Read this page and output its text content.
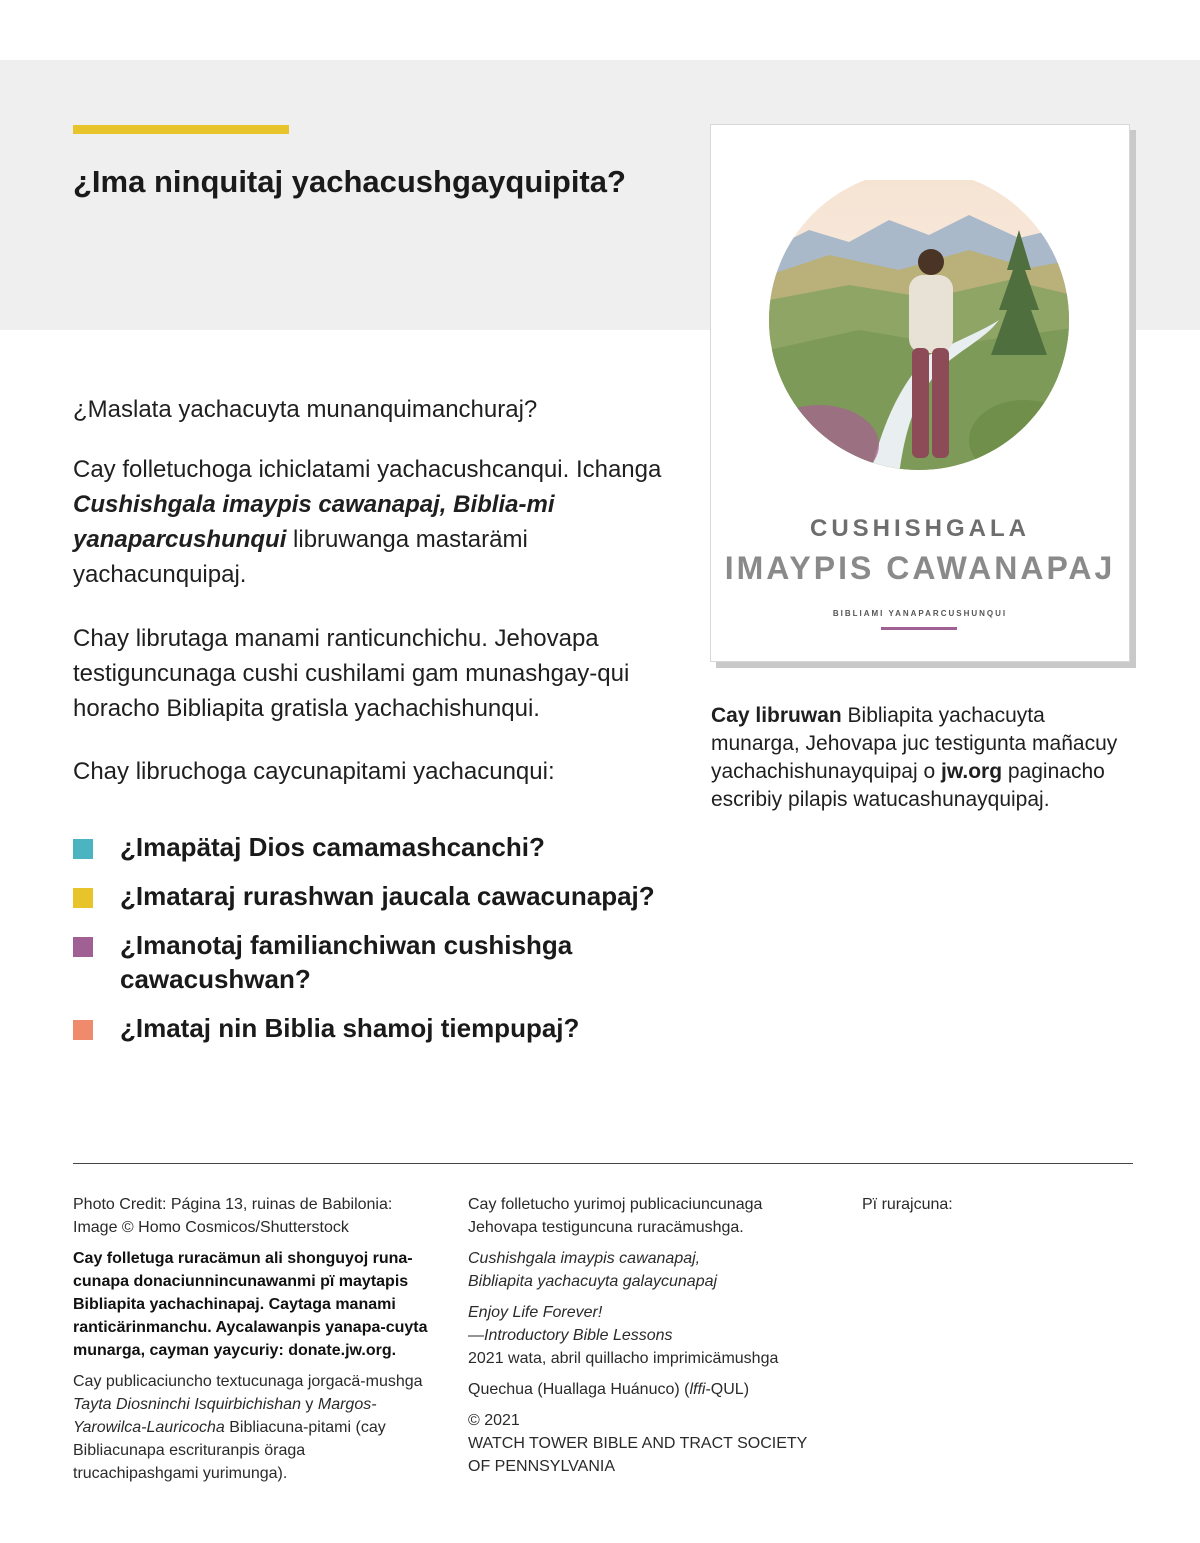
¿Ima ninquitaj yachacushgayquipita?

¿Maslata yachacuyta munanquimanchuraj?

Cay folletuchoga ichiclatami yachacushcanqui. Ichanga Cushishgala imaypis cawanapaj, Biblia-mi yanaparcushunqui libruwanga mastarämi yachacunquipaj.

Chay librutaga manami ranticunchichu. Jehovapa testiguncunaga cushi cushilami gam munashgay-qui horacho Bibliapita gratisla yachachishunqui.

Chay libruchoga caycunapitami yachacunqui:

¿Imapätaj Dios camamashcanchi?
¿Imataraj rurashwan jaucala cawacunapaj?
¿Imanotaj familianchiwan cushishga cawacushwan?
¿Imataj nin Biblia shamoj tiempupaj?

CUSHISHGALA

IMAYPIS CAWANAPAJ

BIBLIAMI YANAPARCUSHUNQUI

Cay libruwan Bibliapita yachacuyta munarga, Jehovapa juc testigunta mañacuy yachachishunayquipaj o jw.org paginacho escribiy pilapis watucashunayquipaj.

Photo Credit: Página 13, ruinas de Babilonia:
Image © Homo Cosmicos/Shutterstock

Cay folletuga ruracämun ali shonguyoj runa-cunapa donaciunnincunawanmi pï maytapis Bibliapita yachachinapaj. Caytaga manami ranticärinmanchu. Aycalawanpis yanapa-cuyta munarga, cayman yaycuriy: donate.jw.org.

Cay publicaciuncho textucunaga jorgacä-mushga Tayta Diosninchi Isquirbichishan y Margos-Yarowilca-Lauricocha Bibliacuna-pitami (cay Bibliacunapa escrituranpis öraga trucachipashgami yurimunga).

Cay folletucho yurimoj publicaciuncunaga Jehovapa testiguncuna ruracämushga.

Cushishgala imaypis cawanapaj,
Bibliapita yachacuyta galaycunapaj

Enjoy Life Forever!
—Introductory Bible Lessons

2021 wata, abril quillacho imprimicämushga

Quechua (Huallaga Huánuco) (lffi-QUL)

© 2021
WATCH TOWER BIBLE AND TRACT SOCIETY
OF PENNSYLVANIA

Pï rurajcuna:
